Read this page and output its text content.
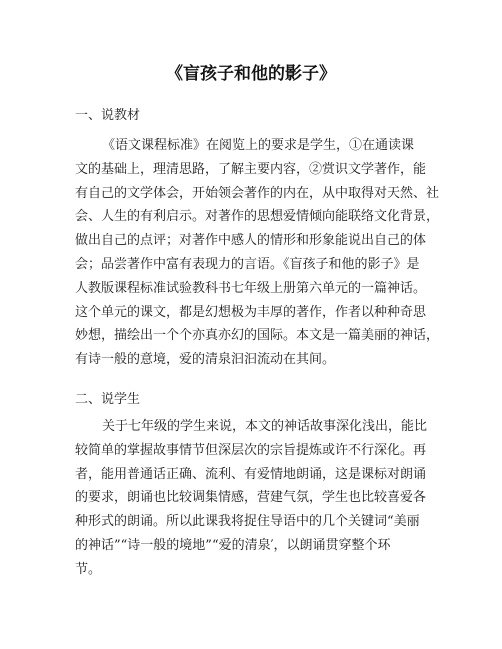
《盲孩子和他的影子》
一、说教材
《语文课程标准》在阅览上的要求是学生，①在通读课
文的基础上，理清思路，了解主要内容，②赏识文学著作，能
有自己的文学体会，开始领会著作的内在，从中取得对天然、社
会、人生的有利启示。对著作的思想爱情倾向能联络文化背景，
做出自己的点评；对著作中感人的情形和形象能说出自己的体
会；品尝著作中富有表现力的言语。《盲孩子和他的影子》是
人教版课程标准试验教科书七年级上册第六单元的一篇神话。
这个单元的课文，都是幻想极为丰厚的著作，作者以种种奇思
妙想，描绘出一个个亦真亦幻的国际。本文是一篇美丽的神话，
有诗一般的意境，爱的清泉汩汩流动在其间。
二、说学生
关于七年级的学生来说，本文的神话故事深化浅出，能比
较简单的掌握故事情节但深层次的宗旨提炼或许不行深化。再
者，能用普通话正确、流利、有爱情地朗诵，这是课标对朗诵
的要求，朗诵也比较调集情感，营建气氛，学生也比较喜爱各
种形式的朗诵。所以此课我将捉住导语中的几个关键词“美丽
的神话”“诗一般的境地”“爱的清泉′，以朗诵贯穿整个环
节。
